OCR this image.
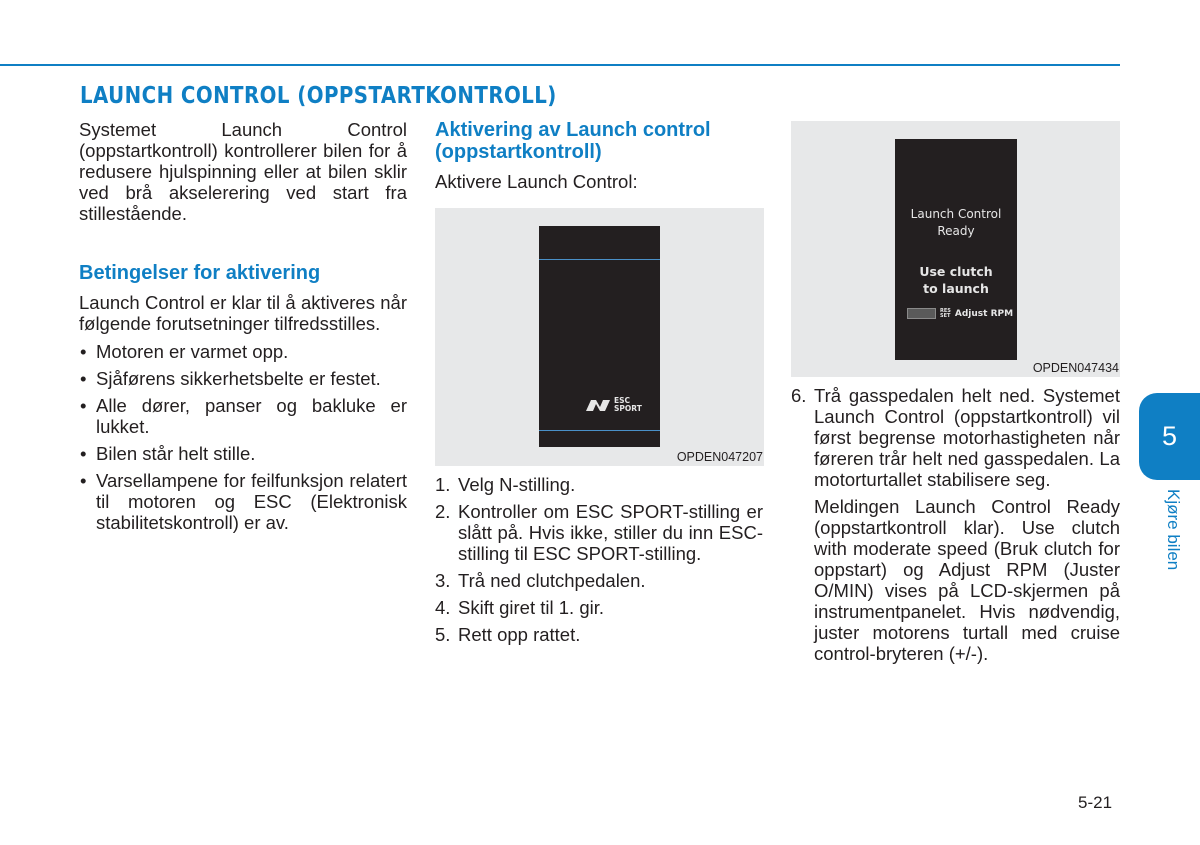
LAUNCH CONTROL (OPPSTARTKONTROLL)

Systemet Launch Control (oppstartkontroll) kontrollerer bilen for å redusere hjulspinning eller at bilen sklir ved brå akselerering ved start fra stillestående.

Betingelser for aktivering

Launch Control er klar til å aktiveres når følgende forutsetninger tilfredsstilles.

• Motoren er varmet opp.
• Sjåførens sikkerhetsbelte er festet.
• Alle dører, panser og bakluke er lukket.
• Bilen står helt stille.
• Varsellampene for feilfunksjon relatert til motoren og ESC (Elektronisk stabilitetskontroll) er av.
Aktivering av Launch control (oppstartkontroll)

Aktivere Launch Control:

ESC
SPORT
OPDEN047207
1. Velg N-stilling.
2. Kontroller om ESC SPORT-stilling er slått på. Hvis ikke, stiller du inn ESC-stilling til ESC SPORT-stilling.
3. Trå ned clutchpedalen.
4. Skift giret til 1. gir.
5. Rett opp rattet.
Launch Control
Ready
Use clutch
to launch
RES
SET Adjust RPM
OPDEN047434
6. Trå gasspedalen helt ned. Systemet Launch Control (oppstartkontroll) vil først begrense motorhastigheten når føreren trår helt ned gasspedalen. La motorturtallet stabilisere seg.

Meldingen Launch Control Ready (oppstartkontroll klar). Use clutch with moderate speed (Bruk clutch for oppstart) og Adjust RPM (Juster O/MIN) vises på LCD-skjermen på instrumentpanelet. Hvis nødvendig, juster motorens turtall med cruise control-bryteren (+/-).

5
Kjøre bilen
5-21
